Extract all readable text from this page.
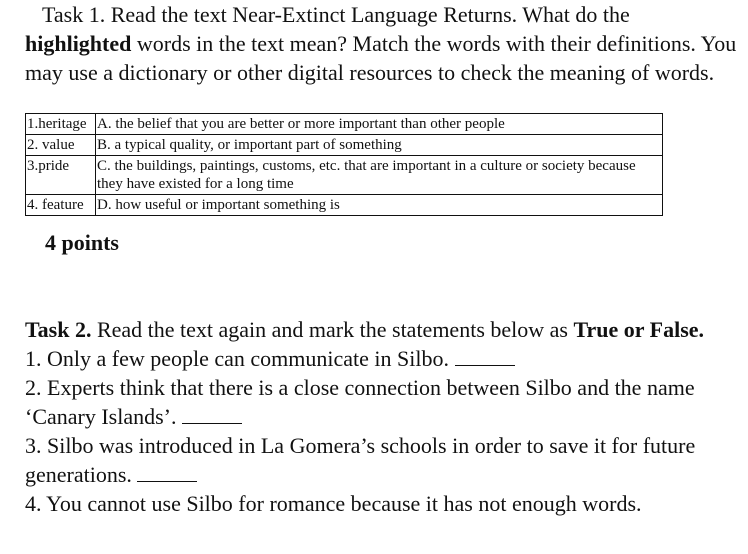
Task 1. Read the text Near-Extinct Language Returns. What do the highlighted words in the text mean? Match the words with their definitions. You may use a dictionary or other digital resources to check the meaning of words.
1.heritage	A. the belief that you are better or more important than other people
2. value	B. a typical quality, or important part of something
3.pride	C. the buildings, paintings, customs, etc. that are important in a culture or society because they have existed for a long time
4. feature	D. how useful or important something is
4 points

Task 2. Read the text again and mark the statements below as True or False.

1. Only a few people can communicate in Silbo.

2. Experts think that there is a close connection between Silbo and the name ‘Canary Islands’.

3. Silbo was introduced in La Gomera’s schools in order to save it for future generations.

4. You cannot use Silbo for romance because it has not enough words.
